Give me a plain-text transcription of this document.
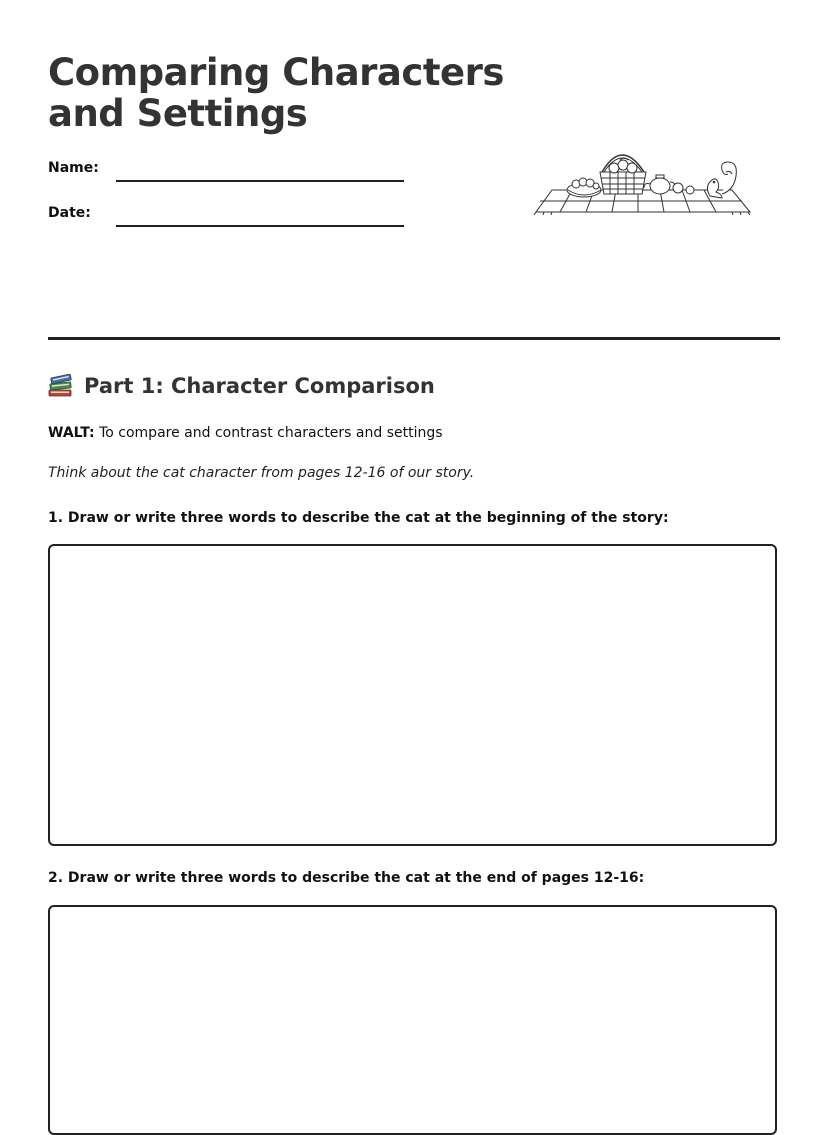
Comparing Characters and Settings
Name:
Date:
Part 1: Character Comparison
WALT: To compare and contrast characters and settings
Think about the cat character from pages 12-16 of our story.
1. Draw or write three words to describe the cat at the beginning of the story:
2. Draw or write three words to describe the cat at the end of pages 12-16:
